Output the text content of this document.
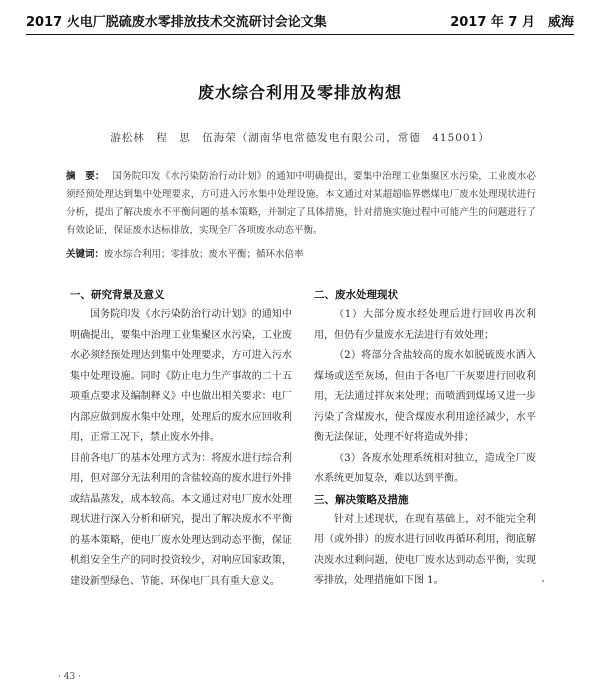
2017 火电厂脱硫废水零排放技术交流研讨会论文集	2017 年 7 月　威海
废水综合利用及零排放构想
游松林　程　思　伍海荣（湖南华电常德发电有限公司，常德　415001）
摘　要： 国务院印发《水污染防治行动计划》的通知中明确提出，要集中治理工业集聚区水污染，工业废水必须经预处理达到集中处理要求，方可进入污水集中处理设施。本文通过对某超超临界燃煤电厂废水处理现状进行分析，提出了解决废水不平衡问题的基本策略，并制定了具体措施，针对措施实施过程中可能产生的问题进行了有效论证，保证废水达标排放，实现全厂各项废水动态平衡。
关键词：废水综合利用；零排放；废水平衡；循环水倍率
一、研究背景及意义

国务院印发《水污染防治行动计划》的通知中明确提出，要集中治理工业集聚区水污染，工业废水必须经预处理达到集中处理要求，方可进入污水集中处理设施。同时《防止电力生产事故的二十五项重点要求及编制释义》中也做出相关要求：电厂内部应做到废水集中处理，处理后的废水应回收利用，正常工况下，禁止废水外排。

目前各电厂的基本处理方式为：将废水进行综合利用，但对部分无法利用的含盐较高的废水进行外排或结晶蒸发，成本较高。本文通过对电厂废水处理现状进行深入分析和研究，提出了解决废水不平衡的基本策略，使电厂废水处理达到动态平衡，保证机组安全生产的同时投资较少，对响应国家政策，建设新型绿色、节能、环保电厂具有重大意义。

二、废水处理现状

（1）大部分废水经处理后进行回收再次利用，但仍有少量废水无法进行有效处理；

（2）将部分含盐较高的废水如脱硫废水洒入煤场或送至灰场，但由于各电厂干灰要进行回收利用，无法通过拌灰来处理；而喷洒到煤场又进一步污染了含煤废水，使含煤废水利用途径减少，水平衡无法保证，处理不好将造成外排；

（3）各废水处理系统相对独立，造成全厂废水系统更加复杂，难以达到平衡。

三、解决策略及措施

针对上述现状，在现有基础上，对不能完全利用（或外排）的废水进行回收再循环利用，彻底解决废水过剩问题，使电厂废水达到动态平衡，实现零排放，处理措施如下图 1。

· 43 ·
